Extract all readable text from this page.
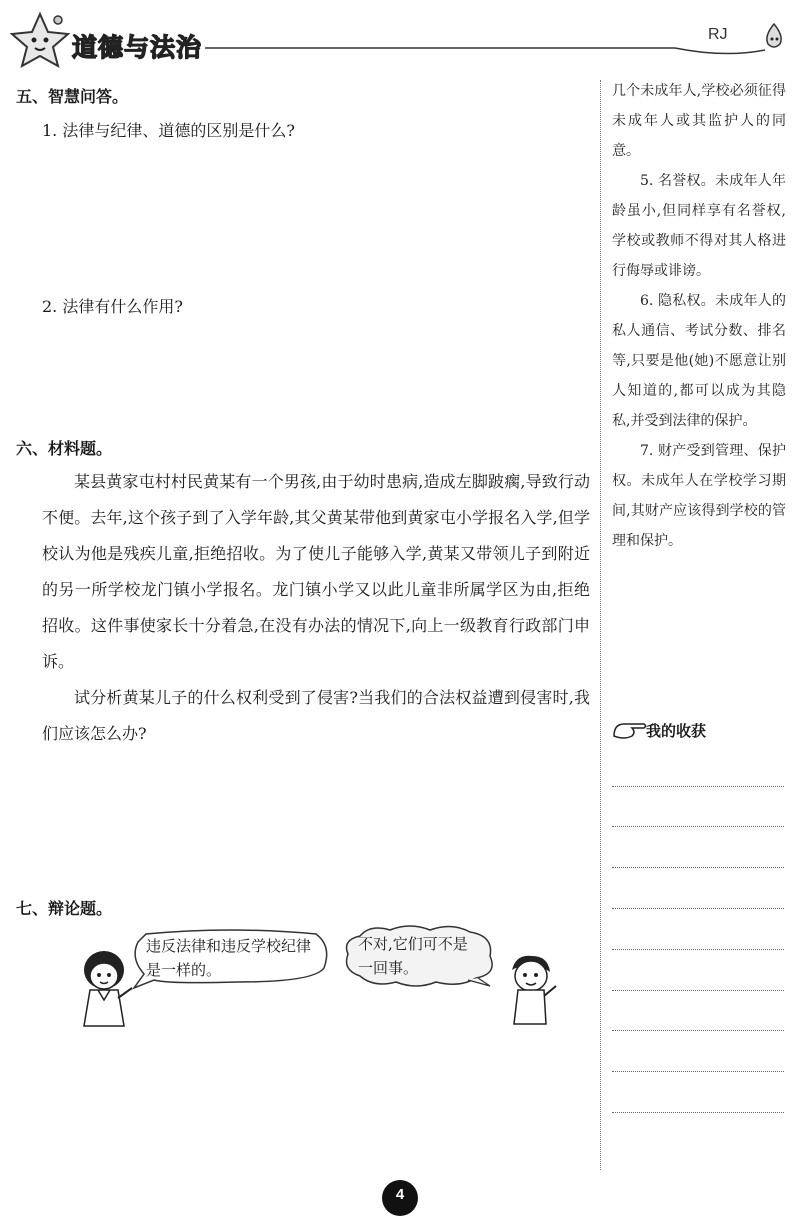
道德与法治	RJ
五、智慧问答。
1. 法律与纪律、道德的区别是什么?
2. 法律有什么作用?
六、材料题。

某县黄家屯村村民黄某有一个男孩,由于幼时患病,造成左脚跛瘸,导致行动不便。去年,这个孩子到了入学年龄,其父黄某带他到黄家屯小学报名入学,但学校认为他是残疾儿童,拒绝招收。为了使儿子能够入学,黄某又带领儿子到附近的另一所学校龙门镇小学报名。龙门镇小学又以此儿童非所属学区为由,拒绝招收。这件事使家长十分着急,在没有办法的情况下,向上一级教育行政部门申诉。

试分析黄某儿子的什么权利受到了侵害?当我们的合法权益遭到侵害时,我们应该怎么办?

七、辩论题。
违反法律和违反学校纪律是一样的。
不对,它们可不是一回事。

几个未成年人,学校必须征得未成年人或其监护人的同意。

5. 名誉权。未成年人年龄虽小,但同样享有名誉权,学校或教师不得对其人格进行侮辱或诽谤。

6. 隐私权。未成年人的私人通信、考试分数、排名等,只要是他(她)不愿意让别人知道的,都可以成为其隐私,并受到法律的保护。

7. 财产受到管理、保护权。未成年人在学校学习期间,其财产应该得到学校的管理和保护。

我的收获
4
